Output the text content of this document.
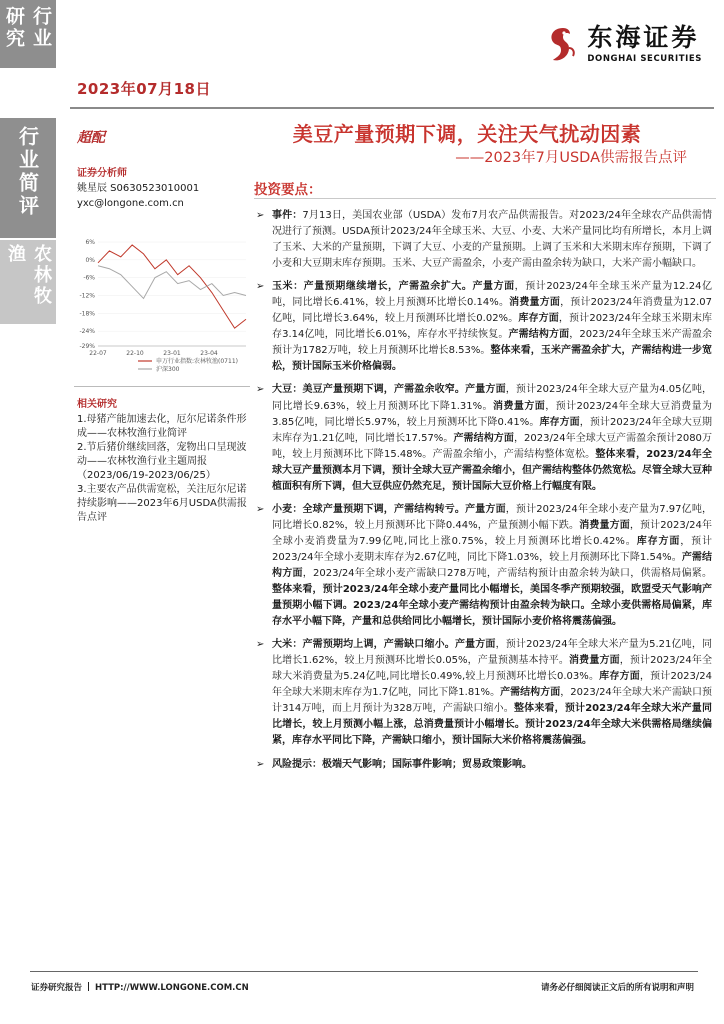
行业研究
行业简评
农林牧渔
2023年07月18日
东海证券
DONGHAI SECURITIES
超配
证券分析师
姚星辰 S0630523010001
yxc@longone.com.cn
6%
0%
-6%
-12%
-18%
-24%
-29%
22-07	22-10	23-01	23-04
申万行业指数:农林牧渔(0711)
沪深300
相关研究
1.母猪产能加速去化，厄尔尼诺条件形成——农林牧渔行业简评
2.节后猪价继续回落，宠物出口呈现波动——农林牧渔行业主题周报（2023/06/19-2023/06/25）
3.主要农产品供需宽松，关注厄尔尼诺持续影响——2023年6月USDA供需报告点评
美豆产量预期下调，关注天气扰动因素
——2023年7月USDA供需报告点评
投资要点：
➢ 事件：7月13日，美国农业部（USDA）发布7月农产品供需报告。对2023/24年全球农产品供需情况进行了预测。USDA预计2023/24年全球玉米、大豆、小麦、大米产量同比均有所增长，本月上调了玉米、大米的产量预期，下调了大豆、小麦的产量预期。上调了玉米和大米期末库存预期，下调了小麦和大豆期末库存预期。玉米、大豆产需盈余，小麦产需由盈余转为缺口，大米产需小幅缺口。
➢ 玉米：产量预期继续增长，产需盈余扩大。产量方面，预计2023/24年全球玉米产量为12.24亿吨，同比增长6.41%，较上月预测环比增长0.14%。消费量方面，预计2023/24年消费量为12.07亿吨，同比增长3.64%，较上月预测环比增长0.02%。库存方面，预计2023/24年全球玉米期末库存3.14亿吨，同比增长6.01%，库存水平持续恢复。产需结构方面，2023/24年全球玉米产需盈余预计为1782万吨，较上月预测环比增长8.53%。整体来看，玉米产需盈余扩大，产需结构进一步宽松，预计国际玉米价格偏弱。
➢ 大豆：美豆产量预期下调，产需盈余收窄。产量方面，预计2023/24年全球大豆产量为4.05亿吨，同比增长9.63%，较上月预测环比下降1.31%。消费量方面，预计2023/24年全球大豆消费量为3.85亿吨，同比增长5.97%，较上月预测环比下降0.41%。库存方面，预计2023/24年全球大豆期末库存为1.21亿吨，同比增长17.57%。产需结构方面，2023/24年全球大豆产需盈余预计2080万吨，较上月预测环比下降15.48%。产需盈余缩小，产需结构整体宽松。整体来看，2023/24年全球大豆产量预测本月下调，预计全球大豆产需盈余缩小，但产需结构整体仍然宽松。尽管全球大豆种植面积有所下调，但大豆供应仍然充足，预计国际大豆价格上行幅度有限。
➢ 小麦：全球产量预期下调，产需结构转亏。产量方面，预计2023/24年全球小麦产量为7.97亿吨，同比增长0.82%，较上月预测环比下降0.44%，产量预测小幅下跌。消费量方面，预计2023/24年全球小麦消费量为7.99亿吨,同比上涨0.75%，较上月预测环比增长0.42%。库存方面，预计2023/24年全球小麦期末库存为2.67亿吨，同比下降1.03%，较上月预测环比下降1.54%。产需结构方面，2023/24年全球小麦产需缺口278万吨，产需结构预计由盈余转为缺口，供需格局偏紧。整体来看，预计2023/24年全球小麦产量同比小幅增长，美国冬季产预期较强，欧盟受天气影响产量预期小幅下调。2023/24年全球小麦产需结构预计由盈余转为缺口。全球小麦供需格局偏紧，库存水平小幅下降，产量和总供给同比小幅增长，预计国际小麦价格将震荡偏强。
➢ 大米：产需预期均上调，产需缺口缩小。产量方面，预计2023/24年全球大米产量为5.21亿吨，同比增长1.62%，较上月预测环比增长0.05%，产量预测基本持平。消费量方面，预计2023/24年全球大米消费量为5.24亿吨,同比增长0.49%,较上月预测环比增长0.03%。库存方面，预计2023/24年全球大米期末库存为1.7亿吨，同比下降1.81%。产需结构方面，2023/24年全球大米产需缺口预计314万吨，而上月预计为328万吨，产需缺口缩小。整体来看，预计2023/24年全球大米产量同比增长，较上月预测小幅上涨，总消费量预计小幅增长。预计2023/24年全球大米供需格局继续偏紧，库存水平同比下降，产需缺口缩小，预计国际大米价格将震荡偏强。
➢ 风险提示：极端天气影响；国际事件影响；贸易政策影响。
证券研究报告 HTTP://WWW.LONGONE.COM.CN	请务必仔细阅读正文后的所有说明和声明
